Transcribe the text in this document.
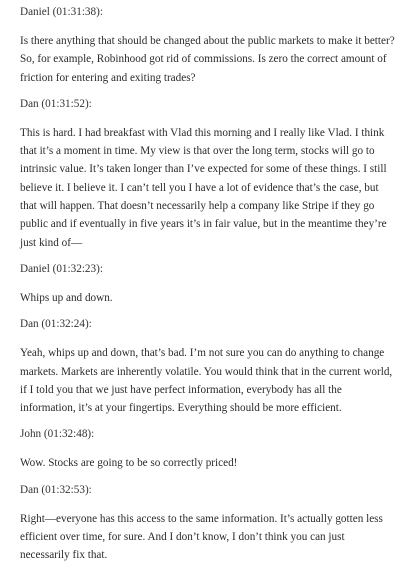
Daniel (01:31:38):

Is there anything that should be changed about the public markets to make it better? So, for example, Robinhood got rid of commissions. Is zero the correct amount of friction for entering and exiting trades?

Dan (01:31:52):

This is hard. I had breakfast with Vlad this morning and I really like Vlad. I think that it’s a moment in time. My view is that over the long term, stocks will go to intrinsic value. It’s taken longer than I’ve expected for some of these things. I still believe it. I believe it. I can’t tell you I have a lot of evidence that’s the case, but that will happen. That doesn’t necessarily help a company like Stripe if they go public and if eventually in five years it’s in fair value, but in the meantime they’re just kind of—

Daniel (01:32:23):

Whips up and down.

Dan (01:32:24):

Yeah, whips up and down, that’s bad. I’m not sure you can do anything to change markets. Markets are inherently volatile. You would think that in the current world, if I told you that we just have perfect information, everybody has all the information, it’s at your fingertips. Everything should be more efficient.

John (01:32:48):

Wow. Stocks are going to be so correctly priced!

Dan (01:32:53):

Right—everyone has this access to the same information. It’s actually gotten less efficient over time, for sure. And I don’t know, I don’t think you can just necessarily fix that.
